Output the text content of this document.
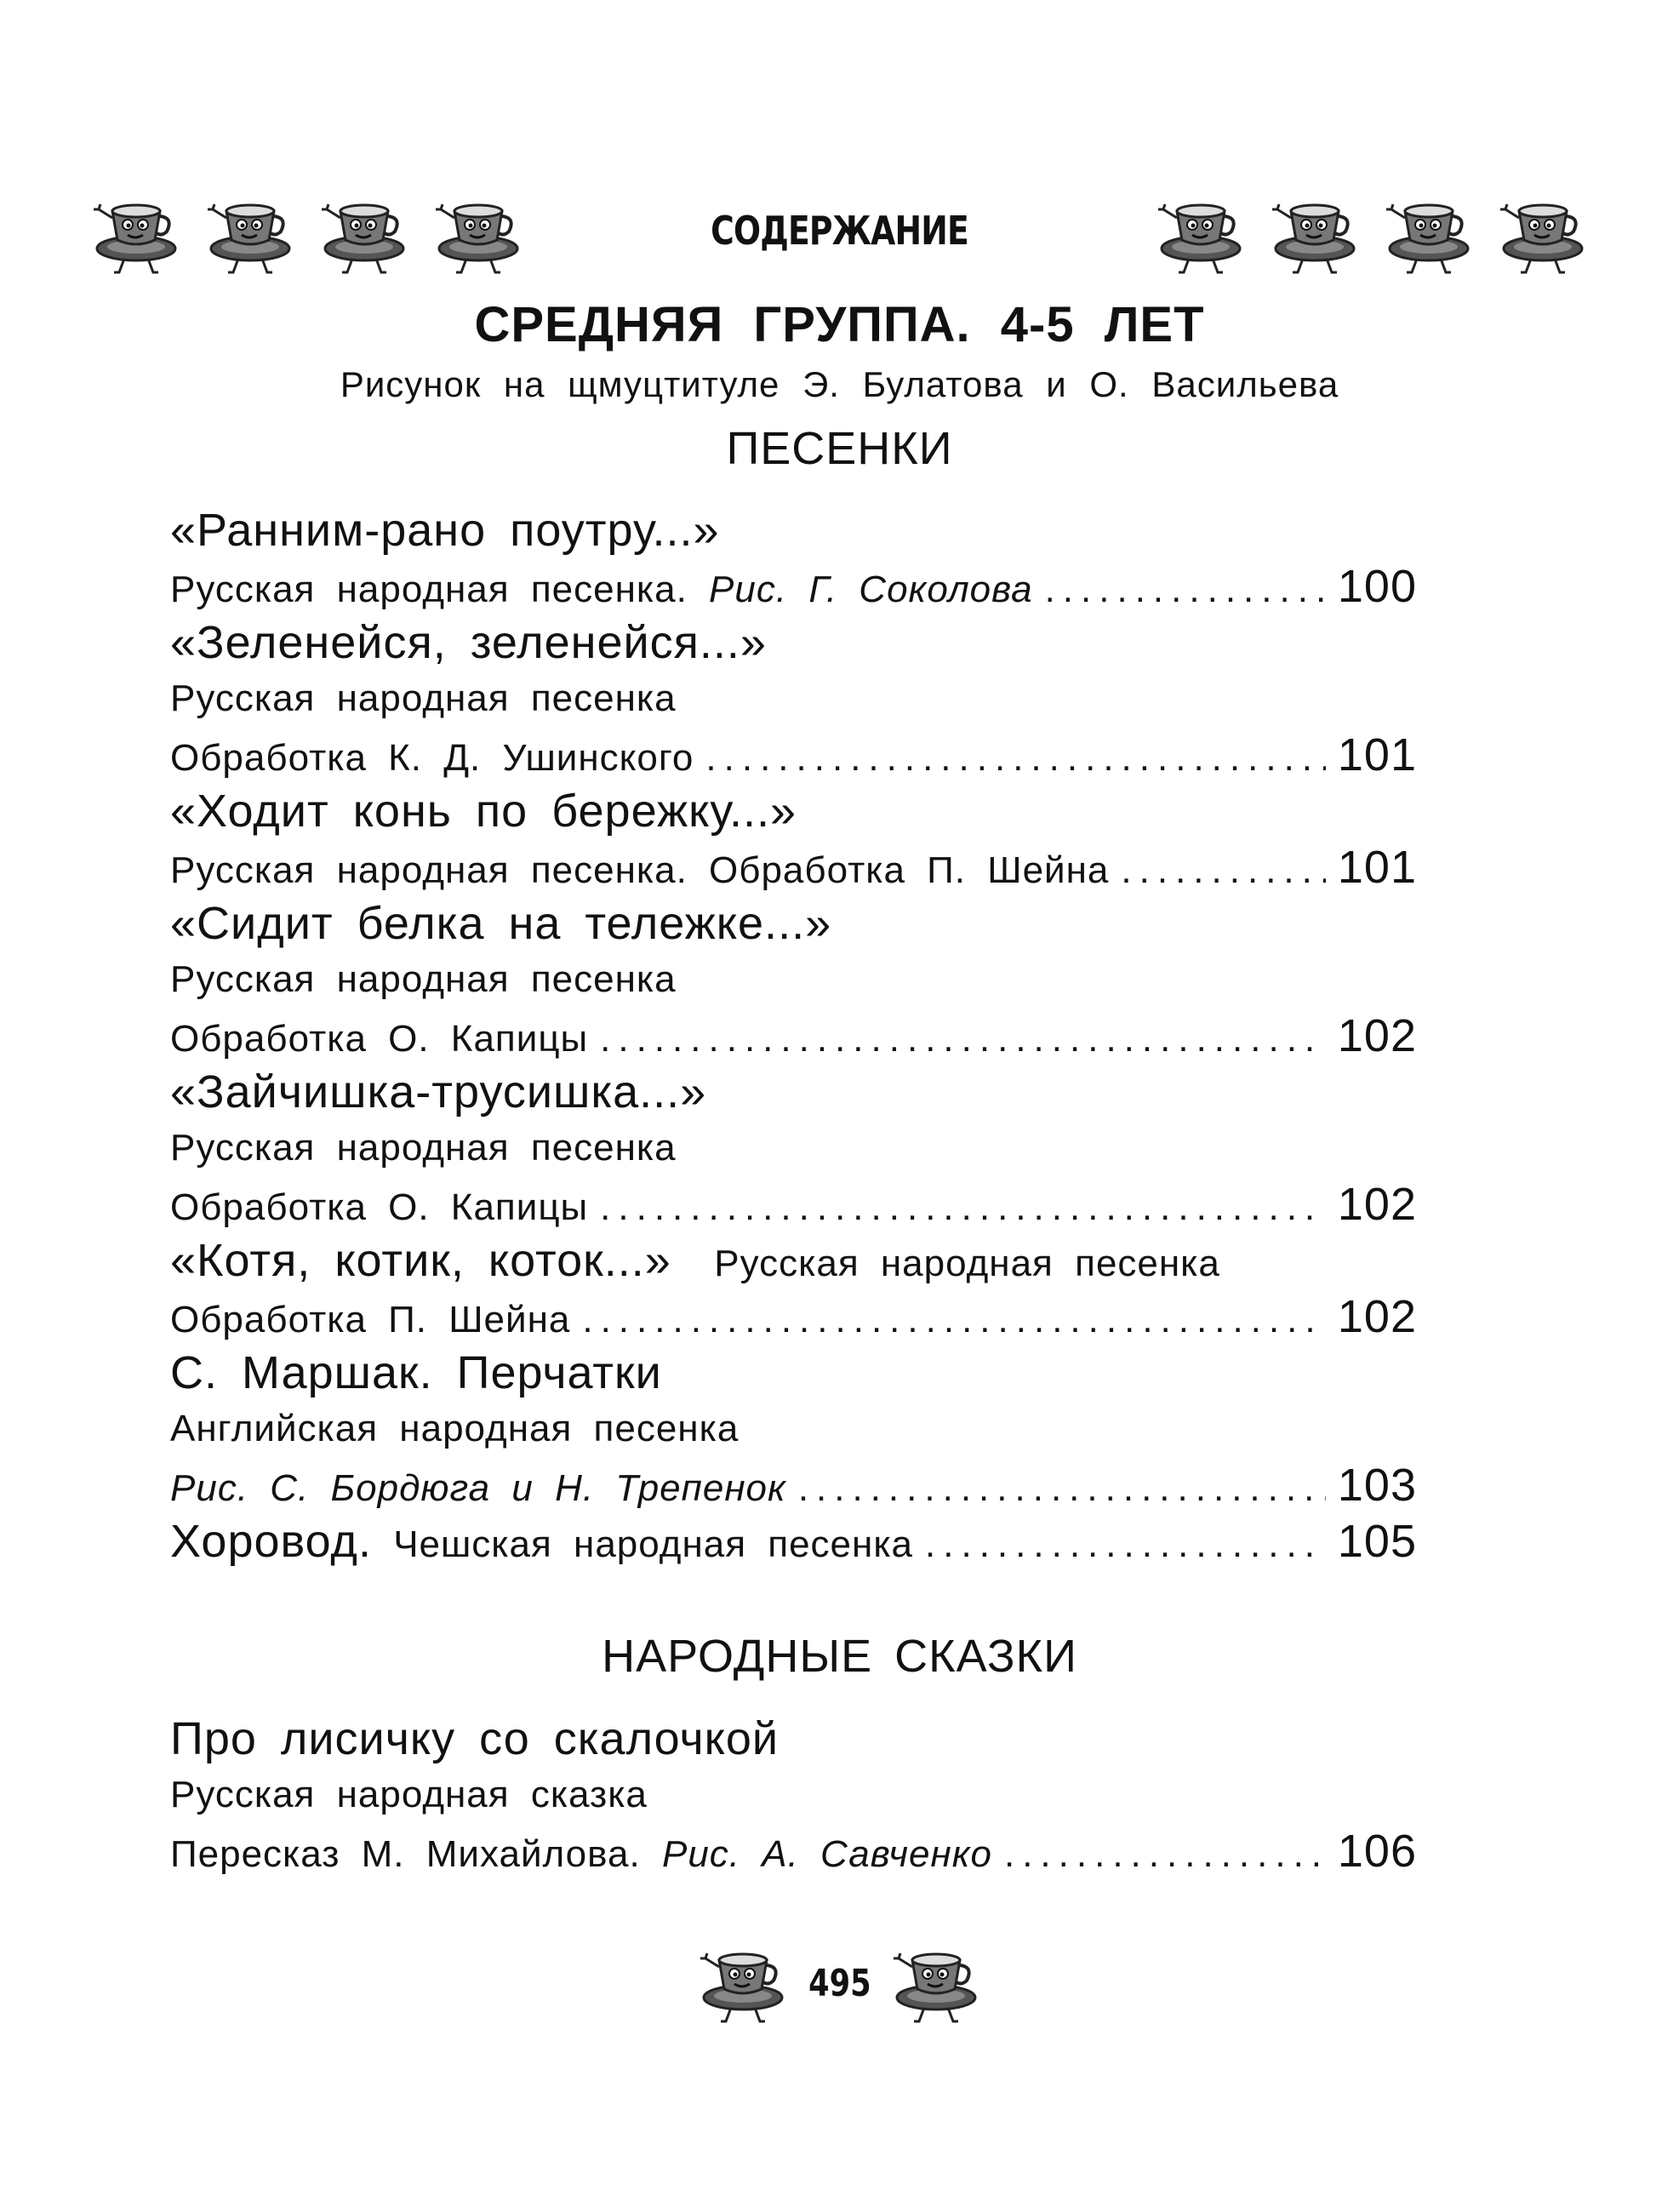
СОДЕРЖАНИЕ
СРЕДНЯЯ ГРУППА. 4-5 ЛЕТ
Рисунок на щмуцтитуле Э. Булатова и О. Васильева
ПЕСЕНКИ
«Ранним-рано поутру...»
Русская народная песенка.
Рис. Г. Соколова .....	100
«Зеленейся, зеленейся...»
Русская народная песенка
Обработка К. Д. Ушинского .....	101
«Ходит конь по бережку...»
Русская народная песенка. Обработка П. Шейна .....	101
«Сидит белка на тележке...»
Русская народная песенка
Обработка О. Капицы .....	102
«Зайчишка-трусишка...»
Русская народная песенка
Обработка О. Капицы .....	102
«Котя, котик, коток...»
Русская народная песенка
Обработка П. Шейна .....	102
С. Маршак. Перчатки
Английская народная песенка
Рис. С. Бордюга и Н. Трепенок .....	103
Хоровод.
Чешская народная песенка .....	105
НАРОДНЫЕ СКАЗКИ
Про лисичку со скалочкой
Русская народная сказка
Пересказ М. Михайлова.
Рис. А. Савченко .....	106
495
